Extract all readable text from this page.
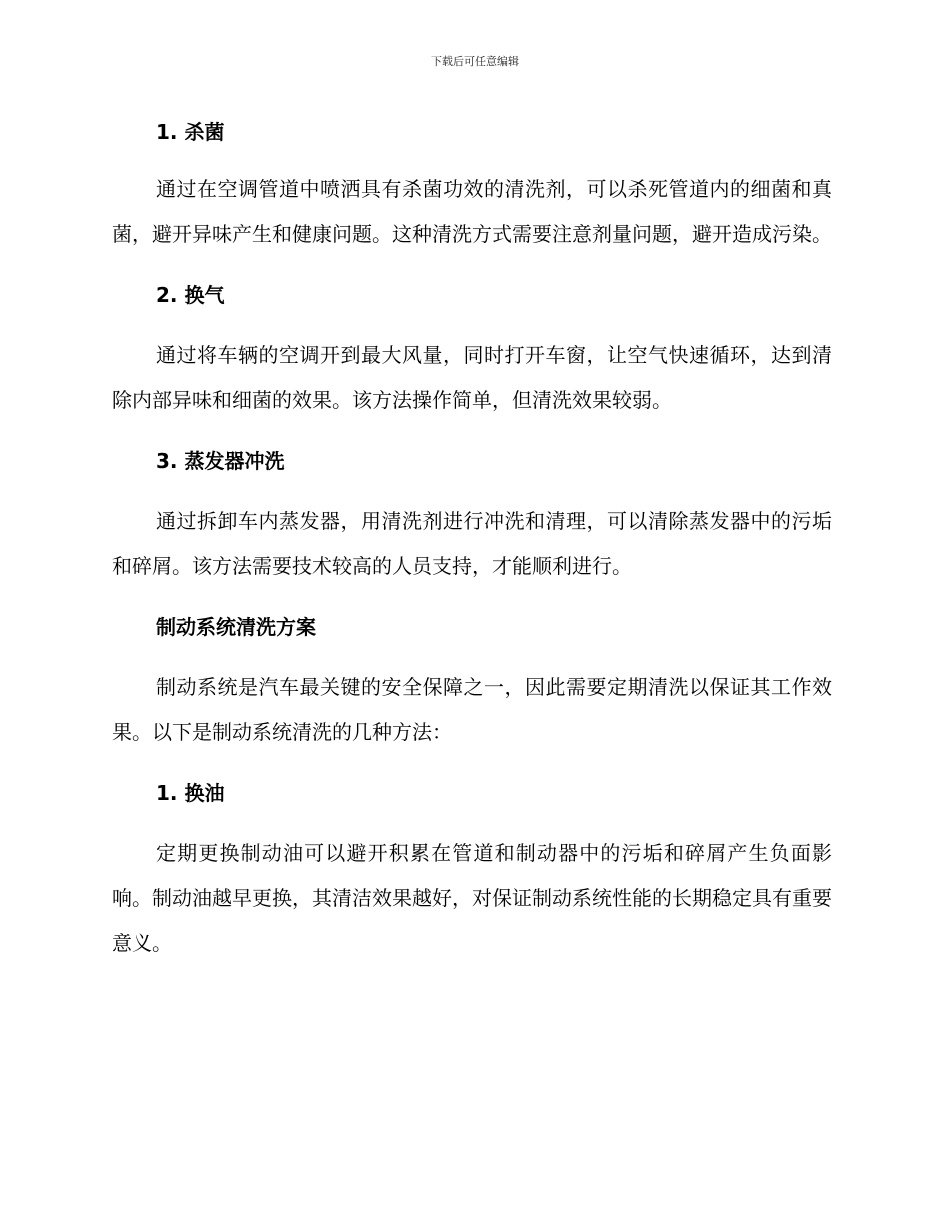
下载后可任意编辑

1. 杀菌

通过在空调管道中喷洒具有杀菌功效的清洗剂，可以杀死管道内的细菌和真菌，避开异味产生和健康问题。这种清洗方式需要注意剂量问题，避开造成污染。

2. 换气

通过将车辆的空调开到最大风量，同时打开车窗，让空气快速循环，达到清除内部异味和细菌的效果。该方法操作简单，但清洗效果较弱。

3. 蒸发器冲洗

通过拆卸车内蒸发器，用清洗剂进行冲洗和清理，可以清除蒸发器中的污垢和碎屑。该方法需要技术较高的人员支持，才能顺利进行。

制动系统清洗方案

制动系统是汽车最关键的安全保障之一，因此需要定期清洗以保证其工作效果。以下是制动系统清洗的几种方法：

1. 换油

定期更换制动油可以避开积累在管道和制动器中的污垢和碎屑产生负面影响。制动油越早更换，其清洁效果越好，对保证制动系统性能的长期稳定具有重要意义。
